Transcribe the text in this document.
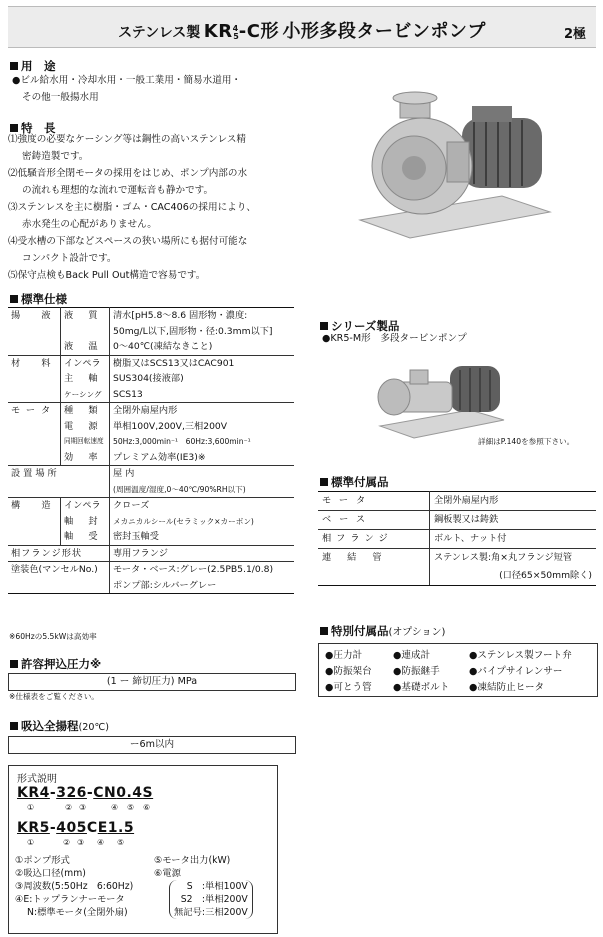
ステンレス製 $KR^4_5-C$形 小形多段タービンポンプ	2極
用　途
●ビル給水用・冷却水用・一般工業用・簡易水道用・
その他一般揚水用
特　長
⑴強度の必要なケーシング等は鋼性の高いステンレス精
密鋳造製です。
⑵低騒音形全閉モータの採用をはじめ、ポンプ内部の水
の流れも理想的な流れで運転音も静かです。
⑶ステンレスを主に樹脂・ゴム・CAC406の採用により、
赤水発生の心配がありません。
⑷受水槽の下部などスペースの狭い場所にも据付可能な
コンパクト設計です。
⑸保守点検もBack Pull Out構造で容易です。
標準仕様
揚　液	液　質	清水[pH5.8～8.6 固形物・濃度:
50mg/L以下,固形物・径:0.3mm以下]

	液　温	0～40℃(凍結なきこと)
材　料	インペラ	樹脂又はSCS13又はCAC901
	主　軸	SUS304(接液部)
	ケーシング	SCS13
モータ	種　類	全閉外扇屋内形
	電　源	単相100V,200V,三相200V
	同期回転速度	50Hz:3,000min⁻¹　60Hz:3,600min⁻¹
	効　率	プレミアム効率(IE3)※
設置場所		屋 内
(周囲温度/湿度,0～40℃/90%RH以下)

構　造	インペラ	クローズ
	軸　封	メカニカルシール(セラミック×カーボン)
	軸　受	密封玉軸受
相フランジ形状		専用フランジ
塗装色(マンセルNo.)		モータ・ベース:グレー(2.5PB5.1/0.8)
ポンプ部:シルバーグレー
※60Hzの5.5kWは高効率
許容押込圧力※
(1 ー 締切圧力) MPa
※仕様表をご覧ください。
吸込全揚程(20℃)
ー6m以内
形式説明
KR4-326-CN0.4S
①	② ③	④ ⑤ ⑥
KR5-405CE1.5
①	② ③ ④ ⑤
①ポンプ形式
②吸込口径(mm)
③周波数(5:50Hz　6:60Hz)
④E:トップランナーモータ
N:標準モータ(全閉外扇)
⑤モータ出力(kW)
⑥電源
S　:単相100V
S2　:単相200V
無記号:三相200V
シリーズ製品
●KR5-M形　多段タービンポンプ
詳細はP.140を参照下さい。
標準付属品
モータ	全閉外扇屋内形
ベース	鋼板製又は鋳鉄
相フランジ	ボルト、ナット付
連結管	ステンレス製:角×丸フランジ短管
(口径65×50mm除く)
特別付属品(オプション)
●圧力計	●連成計	●ステンレス製フート弁
●防振架台 ●防振継手	●パイプサイレンサー
●可とう管 ●基礎ボルト ●凍結防止ヒータ
